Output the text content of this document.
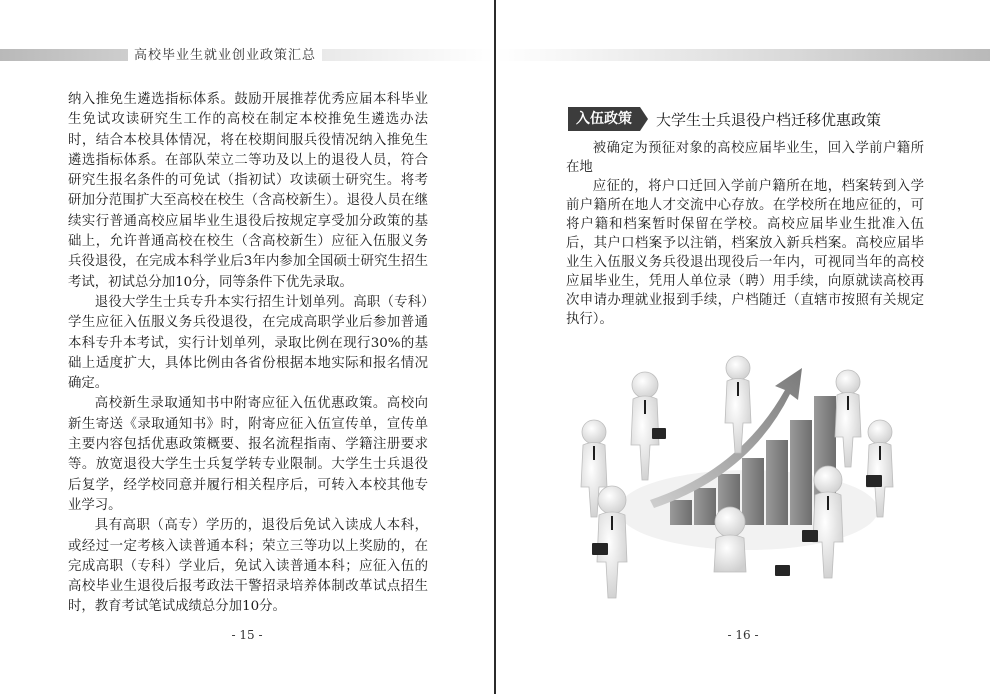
高校毕业生就业创业政策汇总

纳入推免生遴选指标体系。鼓励开展推荐优秀应届本科毕业生免试攻读研究生工作的高校在制定本校推免生遴选办法时，结合本校具体情况，将在校期间服兵役情况纳入推免生遴选指标体系。在部队荣立二等功及以上的退役人员，符合研究生报名条件的可免试（指初试）攻读硕士研究生。将考研加分范围扩大至高校在校生（含高校新生）。退役人员在继续实行普通高校应届毕业生退役后按规定享受加分政策的基础上，允许普通高校在校生（含高校新生）应征入伍服义务兵役退役，在完成本科学业后3年内参加全国硕士研究生招生考试，初试总分加10分，同等条件下优先录取。

退役大学生士兵专升本实行招生计划单列。高职（专科）学生应征入伍服义务兵役退役，在完成高职学业后参加普通本科专升本考试，实行计划单列，录取比例在现行30%的基础上适度扩大，具体比例由各省份根据本地实际和报名情况确定。

高校新生录取通知书中附寄应征入伍优惠政策。高校向新生寄送《录取通知书》时，附寄应征入伍宣传单，宣传单主要内容包括优惠政策概要、报名流程指南、学籍注册要求等。放宽退役大学生士兵复学转专业限制。大学生士兵退役后复学，经学校同意并履行相关程序后，可转入本校其他专业学习。

具有高职（高专）学历的，退役后免试入读成人本科，或经过一定考核入读普通本科；荣立三等功以上奖励的，在完成高职（专科）学业后，免试入读普通本科；应征入伍的高校毕业生退役后报考政法干警招录培养体制改革试点招生时，教育考试笔试成绩总分加10分。

- 15 -
入伍政策	大学生士兵退役户档迁移优惠政策

被确定为预征对象的高校应届毕业生，回入学前户籍所在地

应征的，将户口迁回入学前户籍所在地，档案转到入学前户籍所在地人才交流中心存放。在学校所在地应征的，可将户籍和档案暂时保留在学校。高校应届毕业生批准入伍后，其户口档案予以注销，档案放入新兵档案。高校应届毕业生入伍服义务兵役退出现役后一年内，可视同当年的高校应届毕业生，凭用人单位录（聘）用手续，向原就读高校再次申请办理就业报到手续，户档随迁（直辖市按照有关规定执行）。

- 16 -
